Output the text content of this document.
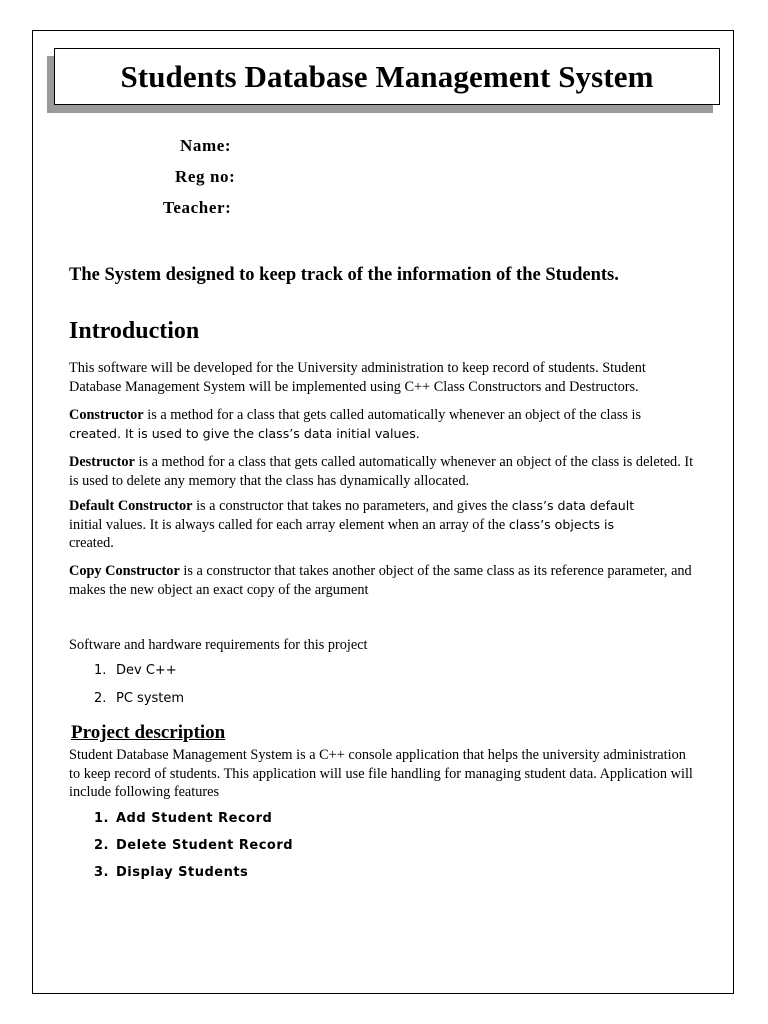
Students Database Management System
Name:
Reg no:
Teacher:

The System designed to keep track of the information of the Students.

Introduction

This software will be developed for the University administration to keep record of students. Student Database Management System will be implemented using C++ Class Constructors and Destructors.

Constructor is a method for a class that gets called automatically whenever an object of the class is
created. It is used to give the class’s data initial values.

Destructor is a method for a class that gets called automatically whenever an object of the class is deleted. It is used to delete any memory that the class has dynamically allocated.

Default Constructor is a constructor that takes no parameters, and gives the class’s data default
initial values. It is always called for each array element when an array of the class’s objects is
created.

Copy Constructor is a constructor that takes another object of the same class as its reference parameter, and makes the new object an exact copy of the argument

Software and hardware requirements for this project

1. Dev C++
2. PC system
Project description

Student Database Management System is a C++ console application that helps the university administration to keep record of students. This application will use file handling for managing student data. Application will include following features

1. Add Student Record
2. Delete Student Record
3. Display Students
